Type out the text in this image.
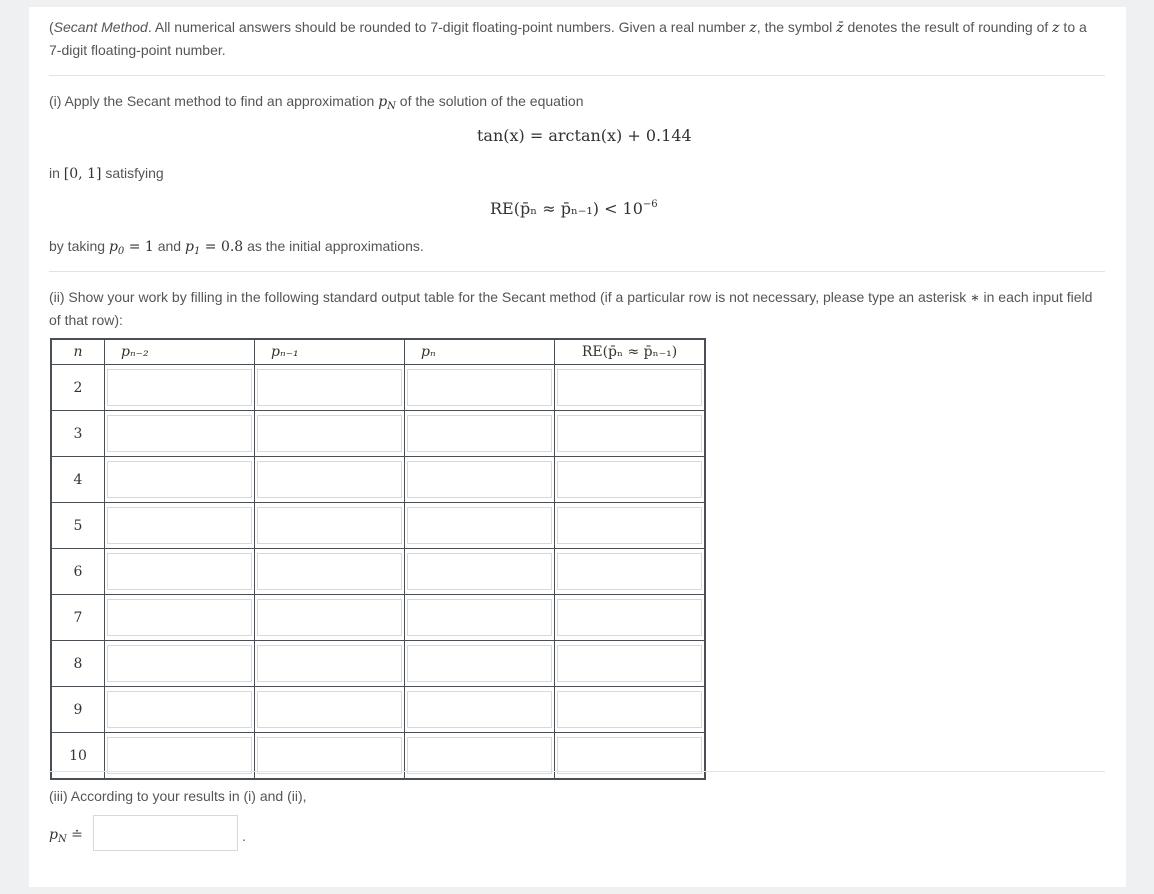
(Secant Method. All numerical answers should be rounded to 7-digit floating-point numbers. Given a real number z, the symbol z̄ denotes the result of rounding of z to a
7-digit floating-point number.
(i) Apply the Secant method to find an approximation $p_N$ of the solution of the equation
tan(x) = arctan(x) + 0.144
in [0, 1] satisfying
RE(p̄ₙ ≈ p̄ₙ₋₁) < $10^{-6}$
by taking $p_0 = 1$ and $p_1 = 0.8$ as the initial approximations.
(ii) Show your work by filling in the following standard output table for the Secant method (if a particular row is not necessary, please type an asterisk ∗ in each input field
of that row):
n	pₙ₋₂	pₙ₋₁	pₙ	RE(p̄ₙ ≈ p̄ₙ₋₁)
2	

3	

4	

5	

6	

7	

8	

9	

10	

(iii) According to your results in (i) and (ii),
$p_N$ ≐	.
